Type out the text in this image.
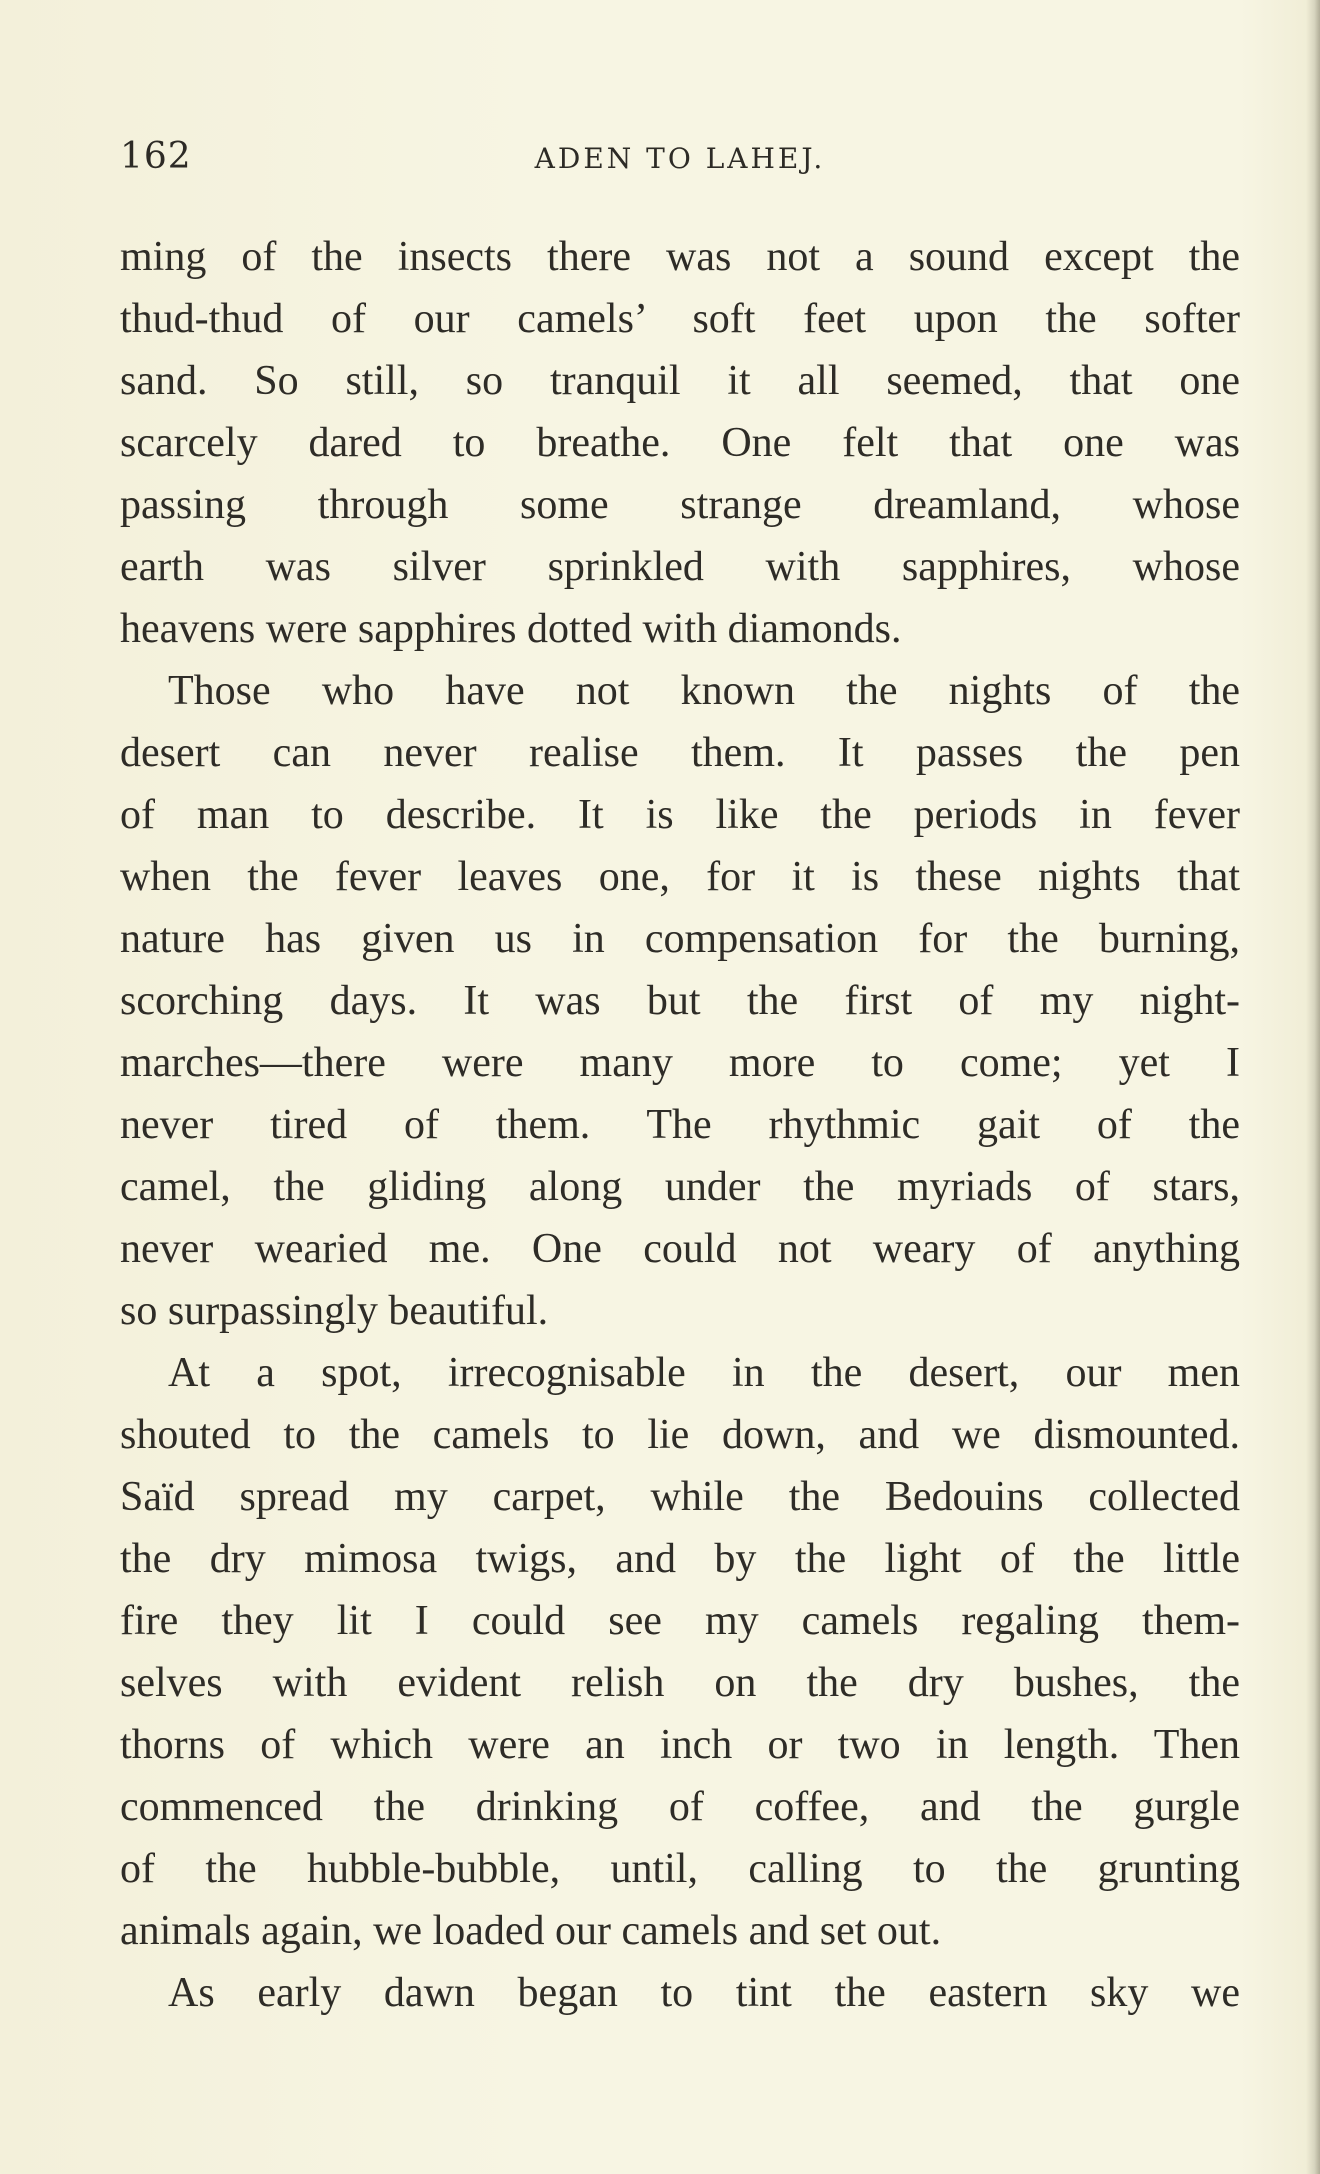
162	ADEN TO LAHEJ.
ming of the insects there was not a sound except the
thud-thud of our camels’ soft feet upon the softer
sand. So still, so tranquil it all seemed, that one
scarcely dared to breathe. One felt that one was
passing through some strange dreamland, whose
earth was silver sprinkled with sapphires, whose
heavens were sapphires dotted with diamonds.
Those who have not known the nights of the
desert can never realise them. It passes the pen
of man to describe. It is like the periods in fever
when the fever leaves one, for it is these nights that
nature has given us in compensation for the burning,
scorching days. It was but the first of my night-
marches—there were many more to come; yet I
never tired of them. The rhythmic gait of the
camel, the gliding along under the myriads of stars,
never wearied me. One could not weary of anything
so surpassingly beautiful.
At a spot, irrecognisable in the desert, our men
shouted to the camels to lie down, and we dismounted.
Saïd spread my carpet, while the Bedouins collected
the dry mimosa twigs, and by the light of the little
fire they lit I could see my camels regaling them-
selves with evident relish on the dry bushes, the
thorns of which were an inch or two in length. Then
commenced the drinking of coffee, and the gurgle
of the hubble-bubble, until, calling to the grunting
animals again, we loaded our camels and set out.
As early dawn began to tint the eastern sky we
